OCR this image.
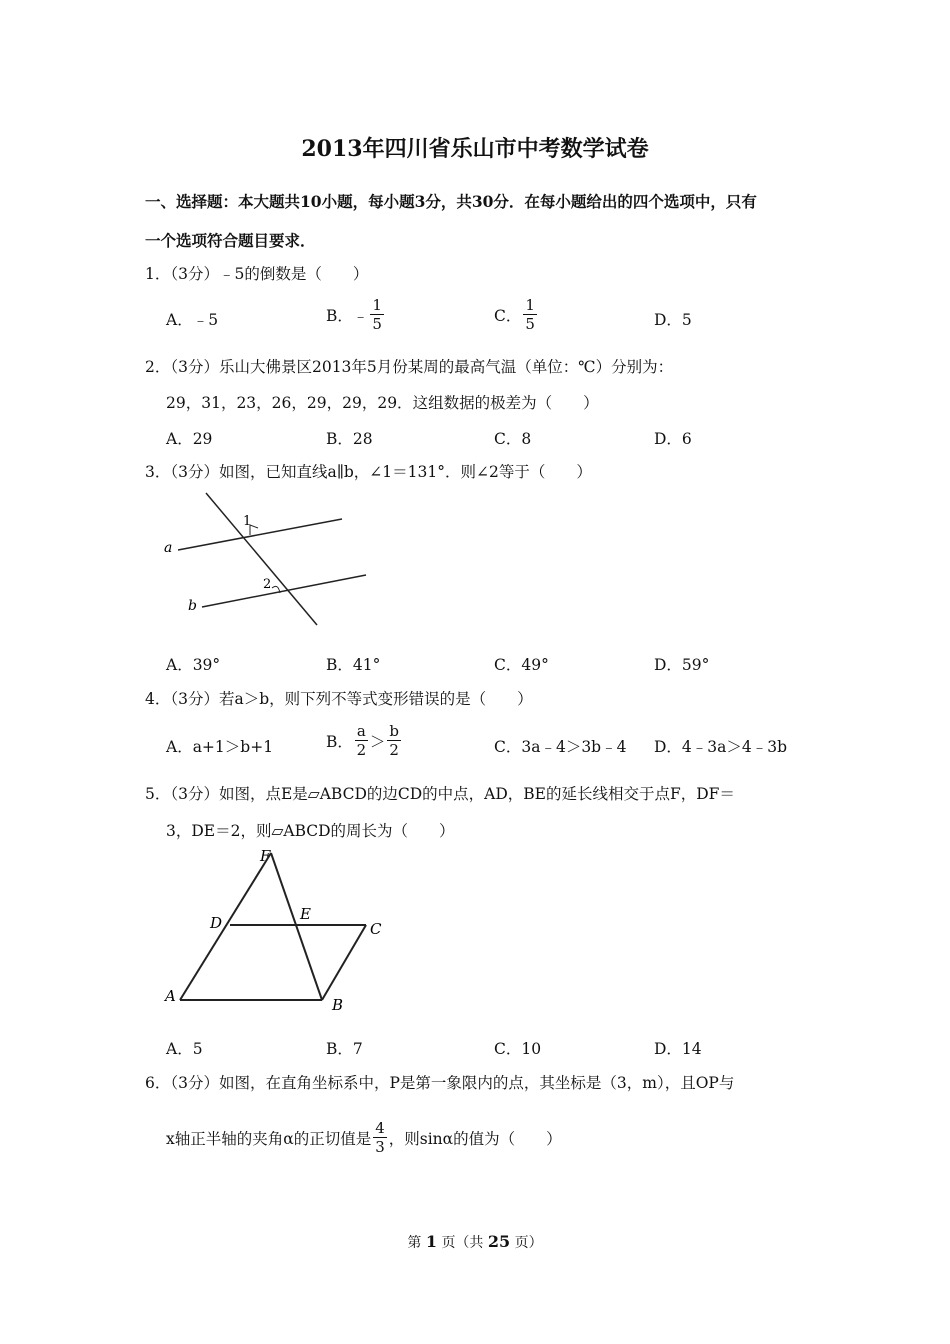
2013年四川省乐山市中考数学试卷
一、选择题：本大题共10小题，每小题3分，共30分．在每小题给出的四个选项中，只有
一个选项符合题目要求．
1．（3分）﹣5的倒数是（　　）
A．﹣5	B．﹣ $\frac{1}{5}$	C． $\frac{1}{5}$	D．5
2．（3分）乐山大佛景区2013年5月份某周的最高气温（单位：℃）分别为：
29，31，23，26，29，29，29．这组数据的极差为（　　）
A．29	B．28	C．8	D．6
3．（3分）如图，已知直线a∥b，∠1＝131°．则∠2等于（　　）
a
b
1
2
A．39°	B．41°	C．49°	D．59°
4．（3分）若a＞b，则下列不等式变形错误的是（　　）
A．a+1＞b+1	B． $\frac{a}{2} > \frac{b}{2}$	C．3a﹣4＞3b﹣4 D．4﹣3a＞4﹣3b
5．（3分）如图，点E是▱ABCD的边CD的中点，AD，BE的延长线相交于点F，DF＝
3，DE＝2，则▱ABCD的周长为（　　）
F
D	E
C
A	B
A．5	B．7	C．10	D．14
6．（3分）如图，在直角坐标系中，P是第一象限内的点，其坐标是（3，m），且OP与
x轴正半轴的夹角α的正切值是 $\frac{4}{3}$ ，则sinα的值为（　　）
第 1 页（共 25 页）
